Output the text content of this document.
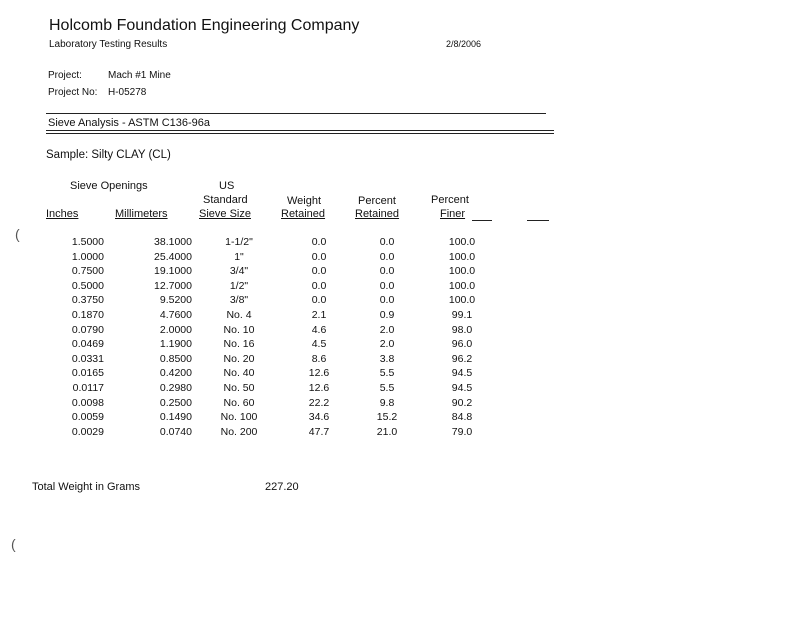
Holcomb Foundation Engineering Company
Laboratory Testing Results	2/8/2006
Project:	Mach #1 Mine
Project No: H-05278
Sieve Analysis - ASTM C136-96a
Sample: Silty CLAY (CL)
Sieve Openings	US
Standard	Weight	Percent	Percent
Inches	Millimeters	Sieve Size	Retained	Retained	Finer
1.5000	38.1000	1-1/2"	0.0	0.0	100.0
1.0000	25.4000	1"	0.0	0.0	100.0
0.7500	19.1000	3/4"	0.0	0.0	100.0
0.5000	12.7000	1/2"	0.0	0.0	100.0
0.3750	9.5200	3/8"	0.0	0.0	100.0
0.1870	4.7600	No. 4	2.1	0.9	99.1
0.0790	2.0000	No. 10	4.6	2.0	98.0
0.0469	1.1900	No. 16	4.5	2.0	96.0
0.0331	0.8500	No. 20	8.6	3.8	96.2
0.0165	0.4200	No. 40	12.6	5.5	94.5
0.0117	0.2980	No. 50	12.6	5.5	94.5
0.0098	0.2500	No. 60	22.2	9.8	90.2
0.0059	0.1490	No. 100	34.6	15.2	84.8
0.0029	0.0740	No. 200	47.7	21.0	79.0
Total Weight in Grams	227.20
(
(
